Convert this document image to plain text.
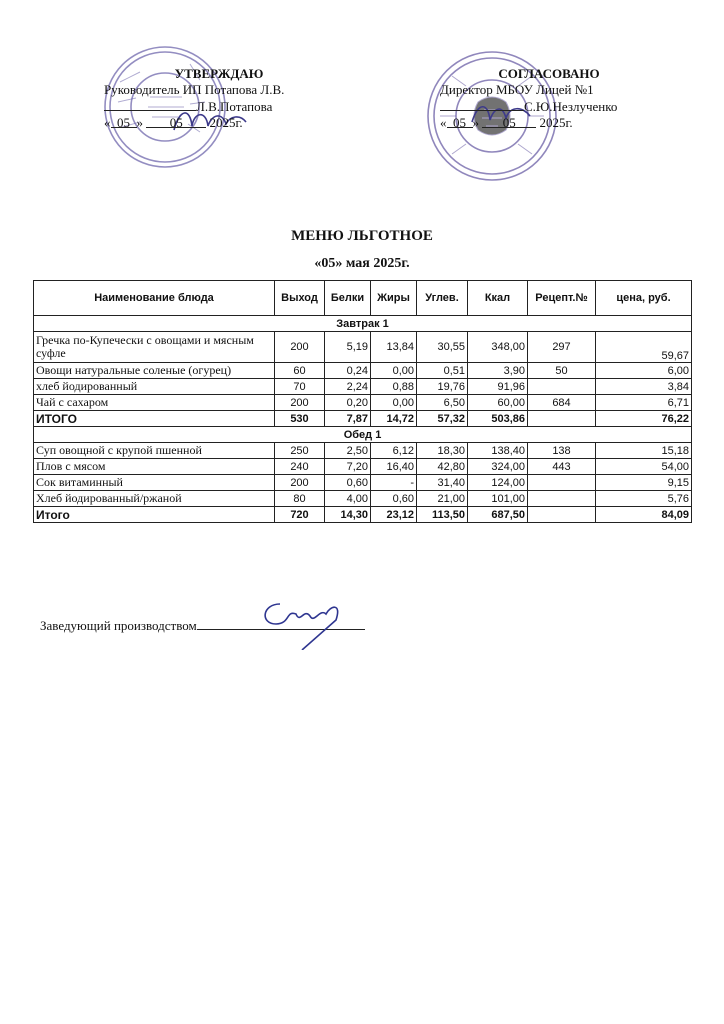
УТВЕРЖДАЮ
Руководитель ИП Потапова Л.В.
Л.В.Потапова
« 05 » 05 2025г.
СОГЛАСОВАНО
Директор МБОУ Лицей №1
С.Ю.Незлученко
« 05 » 05 2025г.
МЕНЮ ЛЬГОТНОЕ
«05» мая 2025г.
Наименование блюда	Выход	Белки	Жиры	Углев.	Ккал	Рецепт.№	цена, руб.
Завтрак 1							
Гречка по-Купечески с овощами и мясным суфле	200	5,19	13,84	30,55	348,00	297	59,67
Овощи натуральные соленые (огурец)	60	0,24	0,00	0,51	3,90	50	6,00
хлеб йодированный	70	2,24	0,88	19,76	91,96		3,84
Чай с сахаром	200	0,20	0,00	6,50	60,00	684	6,71
ИТОГО	530	7,87	14,72	57,32	503,86		76,22
Обед 1							
Суп овощной с крупой пшенной	250	2,50	6,12	18,30	138,40	138	15,18
Плов с мясом	240	7,20	16,40	42,80	324,00	443	54,00
Сок витаминный	200	0,60	-	31,40	124,00		9,15
Хлеб йодированный/ржаной	80	4,00	0,60	21,00	101,00		5,76
Итого	720	14,30	23,12	113,50	687,50		84,09
Заведующий производством
